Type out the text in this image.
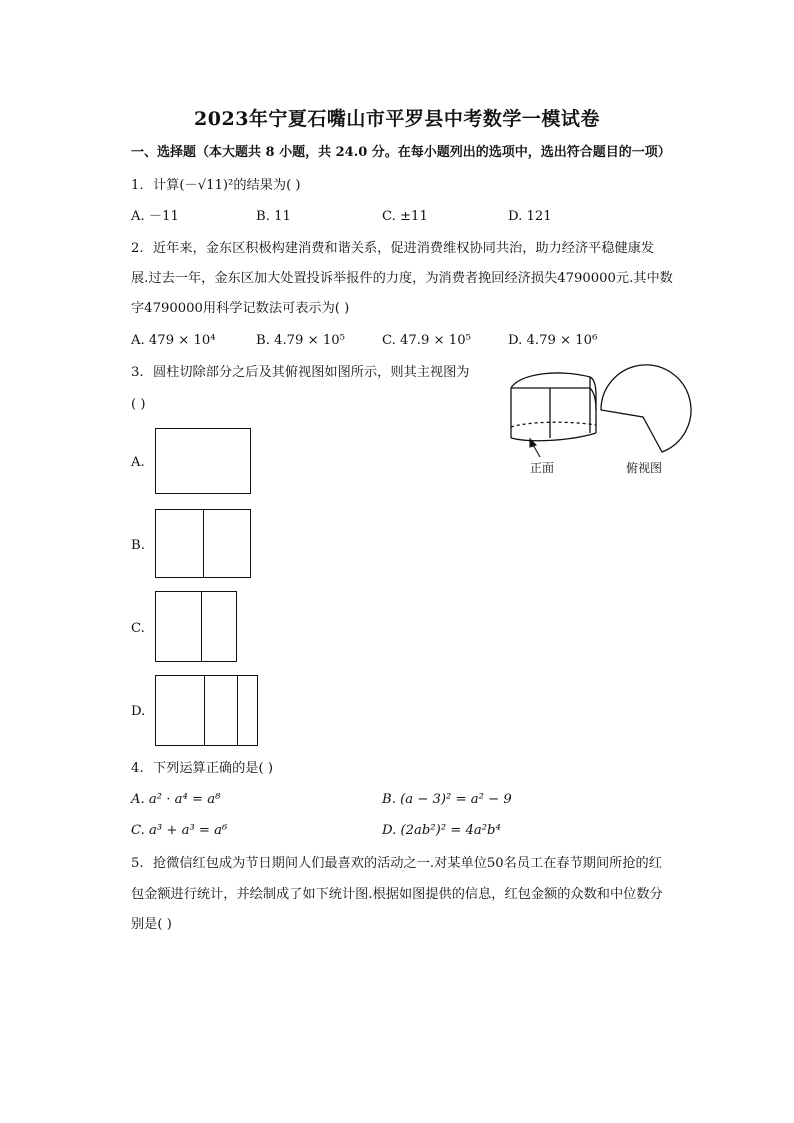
2023年宁夏石嘴山市平罗县中考数学一模试卷
一、选择题（本大题共 8 小题，共 24.0 分。在每小题列出的选项中，选出符合题目的一项）
1. 计算(－√11)²的结果为( )
A. －11	B. 11	C. ±11	D. 121
2. 近年来，金东区积极构建消费和谐关系，促进消费维权协同共治，助力经济平稳健康发
展.过去一年，金东区加大处置投诉举报件的力度，为消费者挽回经济损失4790000元.其中数
字4790000用科学记数法可表示为( )
A. 479 × 10⁴	B. 4.79 × 10⁵	C. 47.9 × 10⁵	D. 4.79 × 10⁶
3. 圆柱切除部分之后及其俯视图如图所示，则其主视图为
( )
正面	俯视图
A.
B.
C.
D.
4. 下列运算正确的是( )
A. a² · a⁴ = a⁸	B. (a − 3)² = a² − 9
C. a³ + a³ = a⁶	D. (2ab²)² = 4a²b⁴
5. 抢微信红包成为节日期间人们最喜欢的活动之一.对某单位50名员工在春节期间所抢的红
包金额进行统计，并绘制成了如下统计图.根据如图提供的信息，红包金额的众数和中位数分
别是( )
